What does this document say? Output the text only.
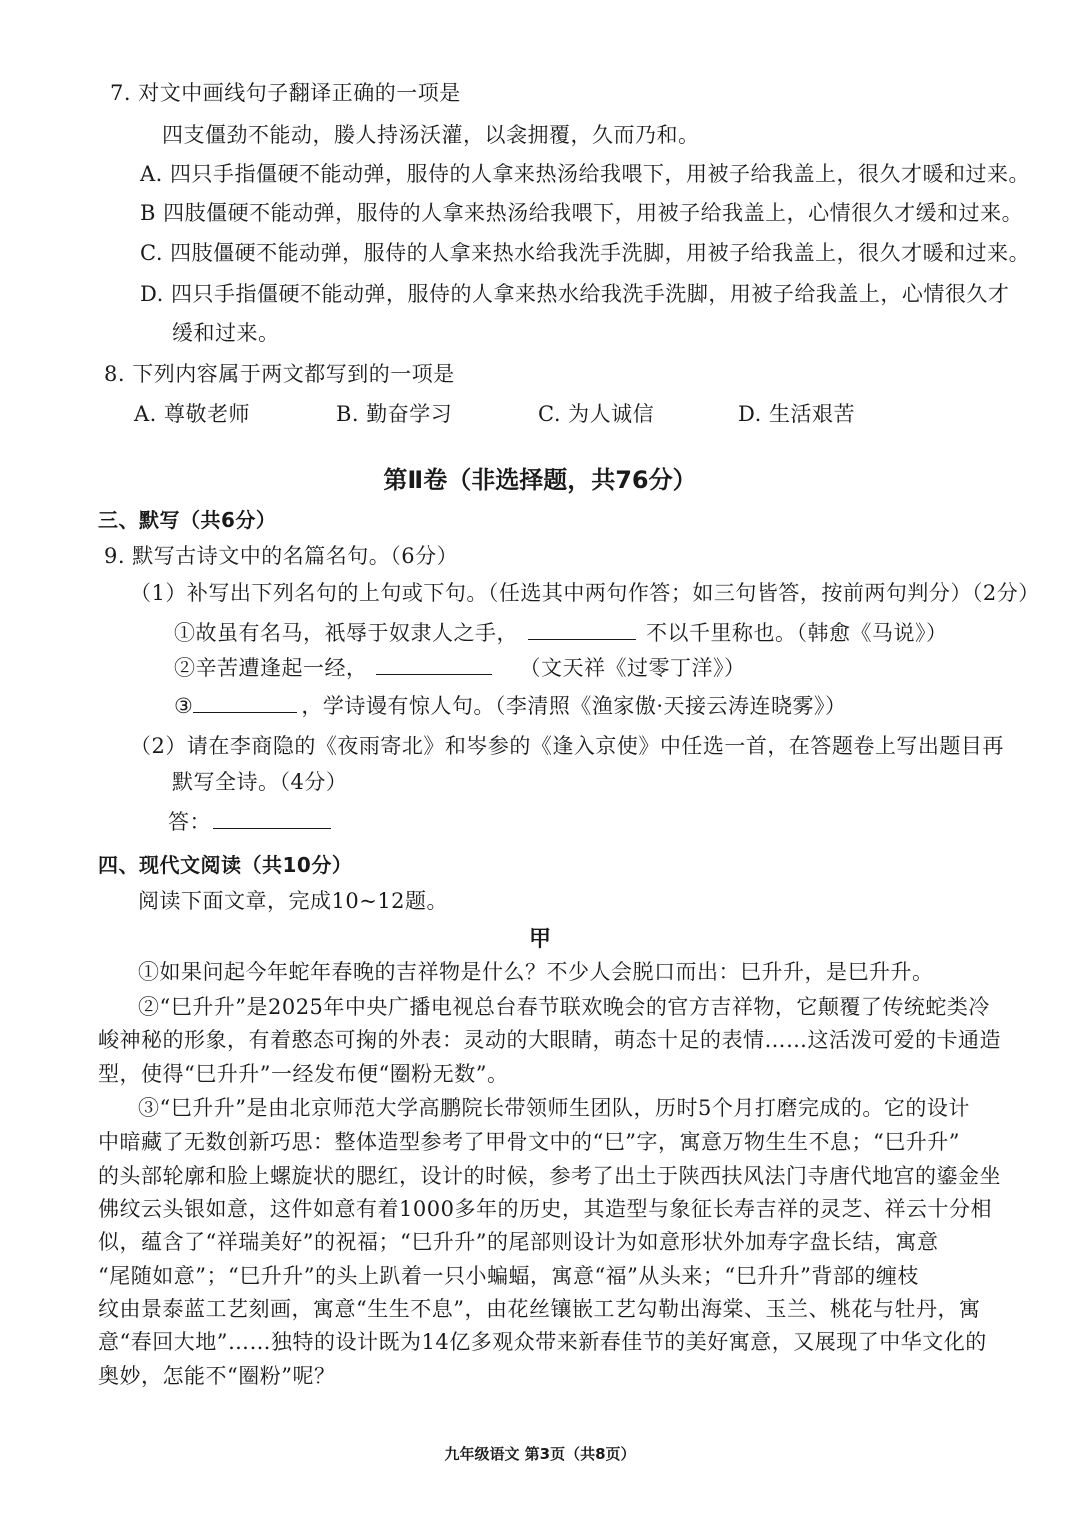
7. 对文中画线句子翻译正确的一项是
四支僵劲不能动，媵人持汤沃灌，以衾拥覆，久而乃和。
A. 四只手指僵硬不能动弹，服侍的人拿来热汤给我喂下，用被子给我盖上，很久才暖和过来。
B 四肢僵硬不能动弹，服侍的人拿来热汤给我喂下，用被子给我盖上，心情很久才缓和过来。
C. 四肢僵硬不能动弹，服侍的人拿来热水给我洗手洗脚，用被子给我盖上，很久才暖和过来。
D. 四只手指僵硬不能动弹，服侍的人拿来热水给我洗手洗脚，用被子给我盖上，心情很久才
缓和过来。
8. 下列内容属于两文都写到的一项是
A. 尊敬老师	B. 勤奋学习	C. 为人诚信	D. 生活艰苦
第Ⅱ卷（非选择题，共76分）
三、默写（共6分）
9. 默写古诗文中的名篇名句。（6分）
（1）补写出下列名句的上句或下句。（任选其中两句作答；如三句皆答，按前两句判分）（2分）
①故虽有名马，祇辱于奴隶人之手，	不以千里称也。（韩愈《马说》）
②辛苦遭逢起一经，	（文天祥《过零丁洋》）
③	，学诗谩有惊人句。（李清照《渔家傲·天接云涛连晓雾》）
（2）请在李商隐的《夜雨寄北》和岑参的《逢入京使》中任选一首，在答题卷上写出题目再
默写全诗。（4分）
答：
四、现代文阅读（共10分）
阅读下面文章，完成10~12题。
甲
①如果问起今年蛇年春晚的吉祥物是什么？不少人会脱口而出：巳升升，是巳升升。
②“巳升升”是2025年中央广播电视总台春节联欢晚会的官方吉祥物，它颠覆了传统蛇类冷
峻神秘的形象，有着憨态可掬的外表：灵动的大眼睛，萌态十足的表情……这活泼可爱的卡通造
型，使得“巳升升”一经发布便“圈粉无数”。
③“巳升升”是由北京师范大学高鹏院长带领师生团队，历时5个月打磨完成的。它的设计
中暗藏了无数创新巧思：整体造型参考了甲骨文中的“巳”字，寓意万物生生不息；“巳升升”
的头部轮廓和脸上螺旋状的腮红，设计的时候，参考了出土于陕西扶风法门寺唐代地宫的鎏金坐
佛纹云头银如意，这件如意有着1000多年的历史，其造型与象征长寿吉祥的灵芝、祥云十分相
似，蕴含了“祥瑞美好”的祝福；“巳升升”的尾部则设计为如意形状外加寿字盘长结，寓意
“尾随如意”；“巳升升”的头上趴着一只小蝙蝠，寓意“福”从头来；“巳升升”背部的缠枝
纹由景泰蓝工艺刻画，寓意“生生不息”，由花丝镶嵌工艺勾勒出海棠、玉兰、桃花与牡丹，寓
意“春回大地”……独特的设计既为14亿多观众带来新春佳节的美好寓意，又展现了中华文化的
奥妙，怎能不“圈粉”呢？
九年级语文 第3页（共8页）
